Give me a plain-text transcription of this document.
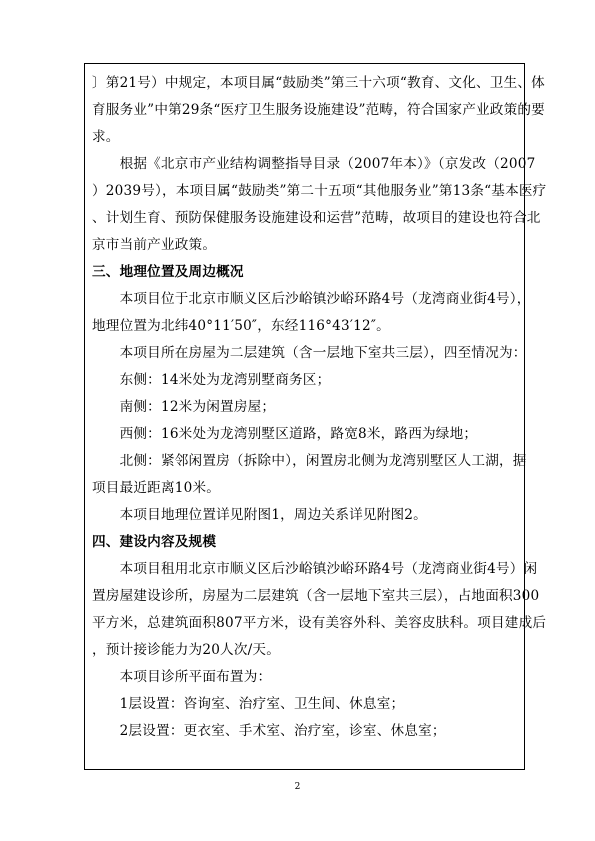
〕第21号）中规定，本项目属“鼓励类”第三十六项“教育、文化、卫生、体
育服务业”中第29条“医疗卫生服务设施建设”范畴，符合国家产业政策的要
求。
　　根据《北京市产业结构调整指导目录（2007年本）》（京发改（2007
）2039号），本项目属“鼓励类”第二十五项“其他服务业”第13条“基本医疗
、计划生育、预防保健服务设施建设和运营”范畴，故项目的建设也符合北
京市当前产业政策。
三、地理位置及周边概况
　　本项目位于北京市顺义区后沙峪镇沙峪环路4号（龙湾商业街4号），
地理位置为北纬40°11′50″，东经116°43′12″。
　　本项目所在房屋为二层建筑（含一层地下室共三层），四至情况为：
　　东侧：14米处为龙湾别墅商务区；
　　南侧：12米为闲置房屋；
　　西侧：16米处为龙湾别墅区道路，路宽8米，路西为绿地；
　　北侧：紧邻闲置房（拆除中），闲置房北侧为龙湾别墅区人工湖，据
项目最近距离10米。
　　本项目地理位置详见附图1，周边关系详见附图2。
四、建设内容及规模
　　本项目租用北京市顺义区后沙峪镇沙峪环路4号（龙湾商业街4号）闲
置房屋建设诊所，房屋为二层建筑（含一层地下室共三层），占地面积300
平方米，总建筑面积807平方米，设有美容外科、美容皮肤科。项目建成后
，预计接诊能力为20人次/天。
　　本项目诊所平面布置为：
　　1层设置：咨询室、治疗室、卫生间、休息室；
　　2层设置：更衣室、手术室、治疗室，诊室、休息室；
2
